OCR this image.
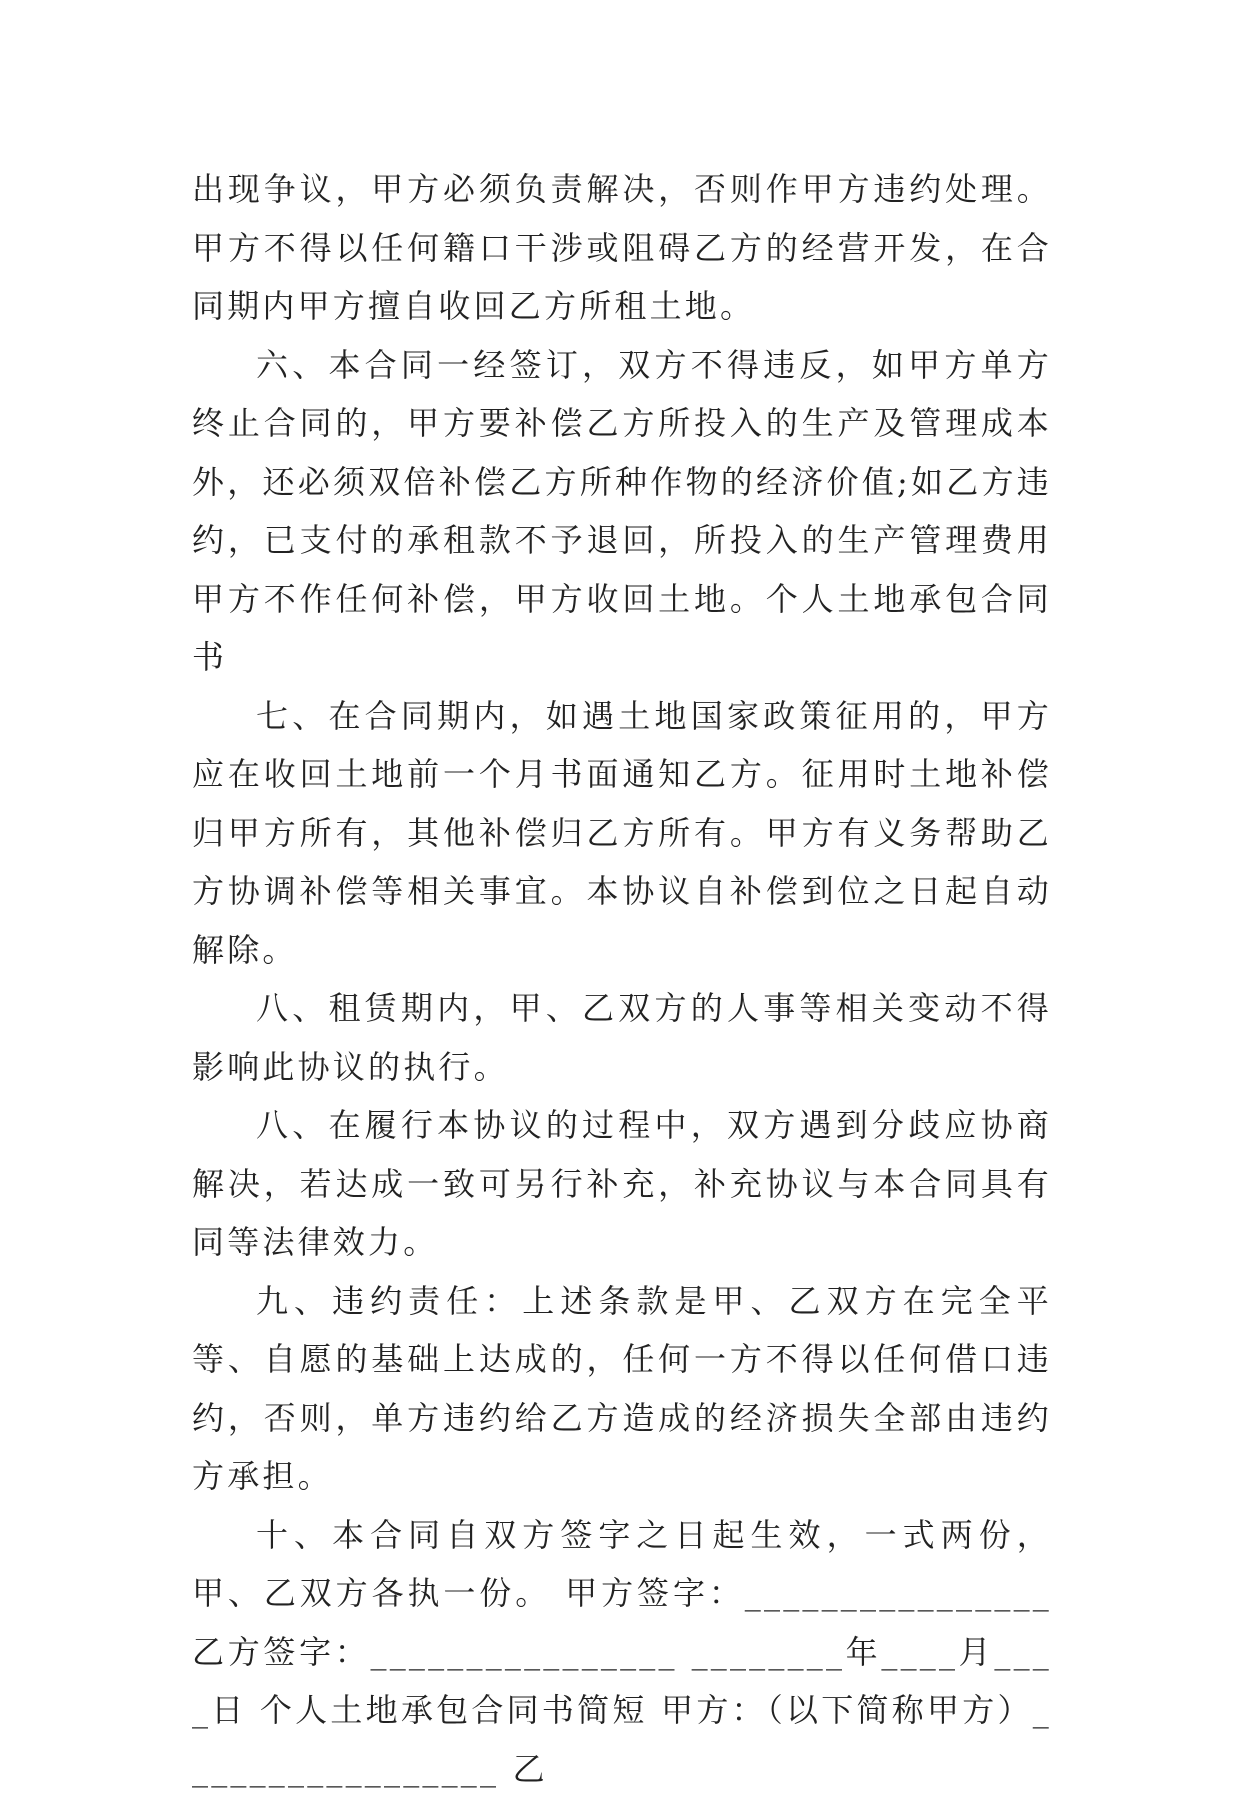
出现争议，甲方必须负责解决，否则作甲方违约处理。甲方不得以任何籍口干涉或阻碍乙方的经营开发，在合同期内甲方擅自收回乙方所租土地。

六、本合同一经签订，双方不得违反，如甲方单方终止合同的，甲方要补偿乙方所投入的生产及管理成本外，还必须双倍补偿乙方所种作物的经济价值;如乙方违约，已支付的承租款不予退回，所投入的生产管理费用甲方不作任何补偿，甲方收回土地。个人土地承包合同书

七、在合同期内，如遇土地国家政策征用的，甲方应在收回土地前一个月书面通知乙方。征用时土地补偿归甲方所有，其他补偿归乙方所有。甲方有义务帮助乙方协调补偿等相关事宜。本协议自补偿到位之日起自动解除。

八、租赁期内，甲、乙双方的人事等相关变动不得影响此协议的执行。

八、在履行本协议的过程中，双方遇到分歧应协商解决，若达成一致可另行补充，补充协议与本合同具有同等法律效力。

九、违约责任：上述条款是甲、乙双方在完全平等、自愿的基础上达成的，任何一方不得以任何借口违约，否则，单方违约给乙方造成的经济损失全部由违约方承担。

十、本合同自双方签字之日起生效，一式两份，甲、乙双方各执一份。 甲方签字：________________ 乙方签字：________________ ________年____月____日 个人土地承包合同书简短 甲方：（以下简称甲方）_________________ 乙
